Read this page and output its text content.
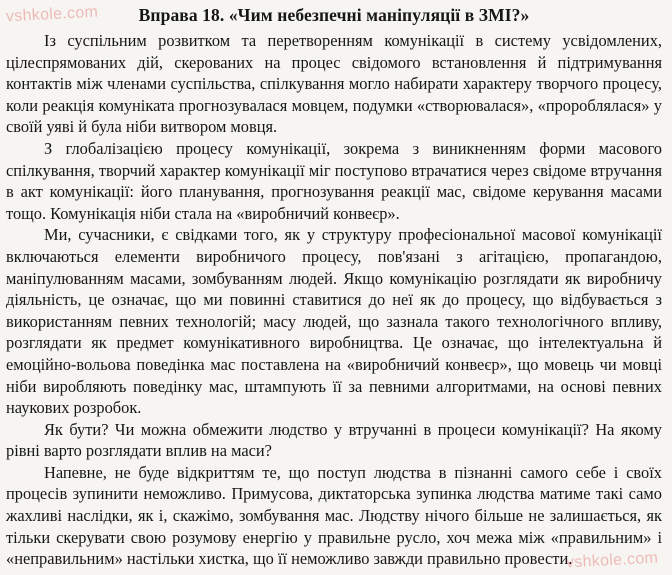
vshkole.com
vshkole.com
Вправа 18. «Чим небезпечні маніпуляції в ЗМІ?»

Із суспільним розвитком та перетворенням комунікації в систему усвідомлених, цілеспрямованих дій, скерованих на процес свідомого встановлення й підтримування контактів між членами суспільства, спілкування могло набирати характеру творчого процесу, коли реакція комуніката прогнозувалася мовцем, подумки «створювалася», «пророблялася» у своїй уяві й була ніби витвором мовця.

З глобалізацією процесу комунікації, зокрема з виникненням форми масового спілкування, творчий характер комунікації міг поступово втрачатися через свідоме втручання в акт комунікації: його планування, прогнозування реакції мас, свідоме керування масами тощо. Комунікація ніби стала на «виробничий конвеєр».

Ми, сучасники, є свідками того, як у структуру професіональної масової комунікації включаються елементи виробничого процесу, пов'язані з агітацією, пропагандою, маніпулюванням масами, зомбуванням людей. Якщо комунікацію розглядати як виробничу діяльність, це означає, що ми повинні ставитися до неї як до процесу, що відбувається з використанням певних технологій; масу людей, що зазнала такого технологічного впливу, розглядати як предмет комунікативного виробництва. Це означає, що інтелектуальна й емоційно-вольова поведінка мас поставлена на «виробничий конвеєр», що мовець чи мовці ніби виробляють поведінку мас, штампують її за певними алгоритмами, на основі певних наукових розробок.

Як бути? Чи можна обмежити людство у втручанні в процеси комунікації? На якому рівні варто розглядати вплив на маси?

Напевне, не буде відкриттям те, що поступ людства в пізнанні самого себе і своїх процесів зупинити неможливо. Примусова, диктаторська зупинка людства матиме такі само жахливі наслідки, як і, скажімо, зомбування мас. Людству нічого більше не залишається, як тільки скерувати свою розумову енергію у правильне русло, хоч межа між «правильним» і «неправильним» настільки хистка, що її неможливо завжди правильно провести.
